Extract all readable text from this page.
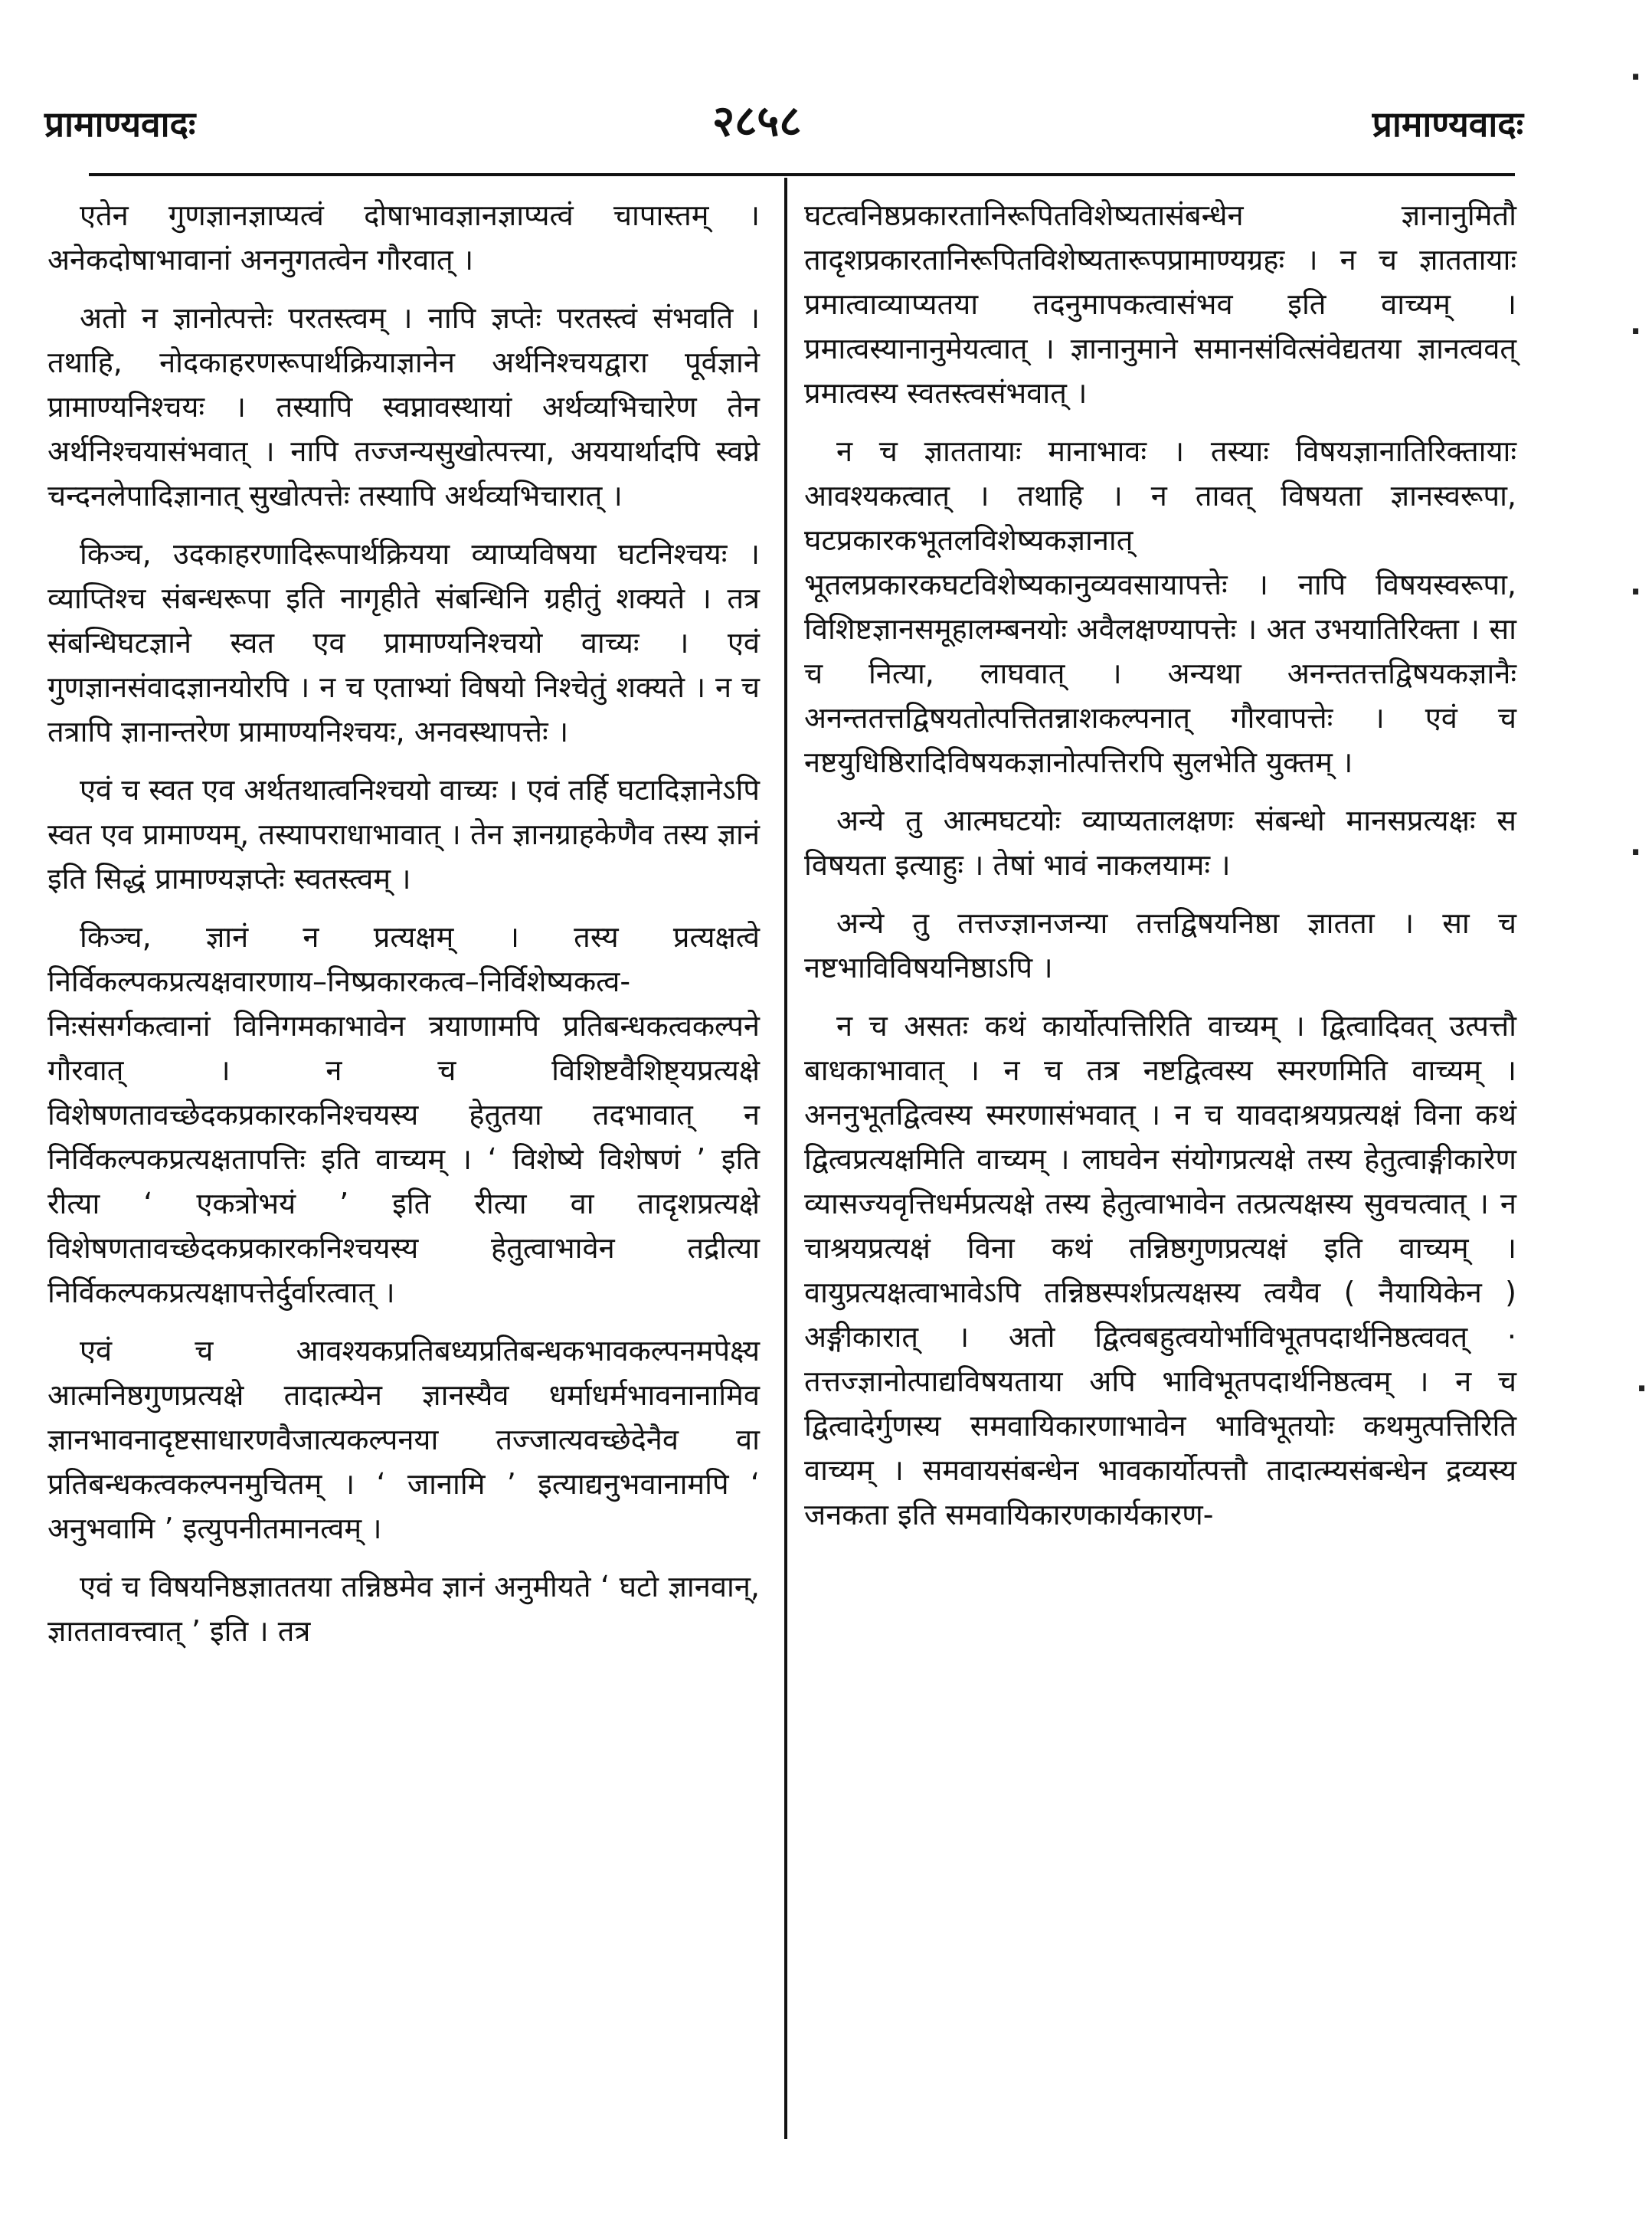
प्रामाण्यवादः	२८५८	प्रामाण्यवादः

एतेन गुणज्ञानज्ञाप्यत्वं दोषाभावज्ञानज्ञाप्यत्वं चापास्तम् । अनेकदोषाभावानां अननुगतत्वेन गौरवात् ।

अतो न ज्ञानोत्पत्तेः परतस्त्वम् । नापि ज्ञप्तेः परतस्त्वं संभवति । तथाहि, नोदकाहरणरूपार्थक्रियाज्ञानेन अर्थनिश्चयद्वारा पूर्वज्ञाने प्रामाण्यनिश्चयः । तस्यापि स्वप्नावस्थायां अर्थव्यभिचारेण तेन अर्थनिश्चयासंभवात् । नापि तज्जन्यसुखोत्पत्त्या, अययार्थादपि स्वप्ने चन्दनलेपादिज्ञानात् सुखोत्पत्तेः तस्यापि अर्थव्यभिचारात् ।

किञ्च, उदकाहरणादिरूपार्थक्रियया व्याप्यविषया घटनिश्चयः । व्याप्तिश्च संबन्धरूपा इति नागृहीते संबन्धिनि ग्रहीतुं शक्यते । तत्र संबन्धिघटज्ञाने स्वत एव प्रामाण्यनिश्चयो वाच्यः । एवं गुणज्ञानसंवादज्ञानयोरपि । न च एताभ्यां विषयो निश्चेतुं शक्यते । न च तत्रापि ज्ञानान्तरेण प्रामाण्यनिश्चयः, अनवस्थापत्तेः ।

एवं च स्वत एव अर्थतथात्वनिश्चयो वाच्यः । एवं तर्हि घटादिज्ञानेऽपि स्वत एव प्रामाण्यम्, तस्यापराधाभावात् । तेन ज्ञानग्राहकेणैव तस्य ज्ञानं इति सिद्धं प्रामाण्यज्ञप्तेः स्वतस्त्वम् ।

किञ्च, ज्ञानं न प्रत्यक्षम् । तस्य प्रत्यक्षत्वे निर्विकल्पकप्रत्यक्षवारणाय–निष्प्रकारकत्व–निर्विशेष्यकत्व-निःसंसर्गकत्वानां विनिगमकाभावेन त्रयाणामपि प्रतिबन्धकत्वकल्पने गौरवात् । न च विशिष्टवैशिष्ट्यप्रत्यक्षे विशेषणतावच्छेदकप्रकारकनिश्चयस्य हेतुतया तदभावात् न निर्विकल्पकप्रत्यक्षतापत्तिः इति वाच्यम् । ‘ विशेष्ये विशेषणं ’ इति रीत्या ‘ एकत्रोभयं ’ इति रीत्या वा तादृशप्रत्यक्षे विशेषणतावच्छेदकप्रकारकनिश्चयस्य हेतुत्वाभावेन तद्रीत्या निर्विकल्पकप्रत्यक्षापत्तेर्दुर्वारत्वात् ।

एवं च आवश्यकप्रतिबध्यप्रतिबन्धकभावकल्पनमपेक्ष्य आत्मनिष्ठगुणप्रत्यक्षे तादात्म्येन ज्ञानस्यैव धर्माधर्मभावनानामिव ज्ञानभावनादृष्टसाधारणवैजात्यकल्पनया तज्जात्यवच्छेदेनैव वा प्रतिबन्धकत्वकल्पनमुचितम् । ‘ जानामि ’ इत्याद्यनुभवानामपि ‘ अनुभवामि ’ इत्युपनीतमानत्वम् ।

एवं च विषयनिष्ठज्ञाततया तन्निष्ठमेव ज्ञानं अनुमीयते ‘ घटो ज्ञानवान्, ज्ञाततावत्त्वात् ’ इति । तत्र

घटत्वनिष्ठप्रकारतानिरूपितविशेष्यतासंबन्धेन ज्ञानानुमितौ तादृशप्रकारतानिरूपितविशेष्यतारूपप्रामाण्यग्रहः । न च ज्ञाततायाः प्रमात्वाव्याप्यतया तदनुमापकत्वासंभव इति वाच्यम् । प्रमात्वस्यानानुमेयत्वात् । ज्ञानानुमाने समानसंवित्संवेद्यतया ज्ञानत्ववत् प्रमात्वस्य स्वतस्त्वसंभवात् ।

न च ज्ञाततायाः मानाभावः । तस्याः विषयज्ञानातिरिक्तायाः आवश्यकत्वात् । तथाहि । न तावत् विषयता ज्ञानस्वरूपा, घटप्रकारकभूतलविशेष्यकज्ञानात् भूतलप्रकारकघटविशेष्यकानुव्यवसायापत्तेः । नापि विषयस्वरूपा, विशिष्टज्ञानसमूहालम्बनयोः अवैलक्षण्यापत्तेः । अत उभयातिरिक्ता । सा च नित्या, लाघवात् । अन्यथा अनन्ततत्तद्विषयकज्ञानैः अनन्ततत्तद्विषयतोत्पत्तितन्नाशकल्पनात् गौरवापत्तेः । एवं च नष्टयुधिष्ठिरादिविषयकज्ञानोत्पत्तिरपि सुलभेति युक्तम् ।

अन्ये तु आत्मघटयोः व्याप्यतालक्षणः संबन्धो मानसप्रत्यक्षः स विषयता इत्याहुः । तेषां भावं नाकलयामः ।

अन्ये तु तत्तज्ज्ञानजन्या तत्तद्विषयनिष्ठा ज्ञातता । सा च नष्टभाविविषयनिष्ठाऽपि ।

न च असतः कथं कार्योत्पत्तिरिति वाच्यम् । द्वित्वादिवत् उत्पत्तौ बाधकाभावात् । न च तत्र नष्टद्वित्वस्य स्मरणमिति वाच्यम् । अननुभूतद्वित्वस्य स्मरणासंभवात् । न च यावदाश्रयप्रत्यक्षं विना कथं द्वित्वप्रत्यक्षमिति वाच्यम् । लाघवेन संयोगप्रत्यक्षे तस्य हेतुत्वाङ्गीकारेण व्यासज्यवृत्तिधर्मप्रत्यक्षे तस्य हेतुत्वाभावेन तत्प्रत्यक्षस्य सुवचत्वात् । न चाश्रयप्रत्यक्षं विना कथं तन्निष्ठगुणप्रत्यक्षं इति वाच्यम् । वायुप्रत्यक्षत्वाभावेऽपि तन्निष्ठस्पर्शप्रत्यक्षस्य त्वयैव ( नैयायिकेन ) अङ्गीकारात् । अतो द्वित्वबहुत्वयोर्भाविभूतपदार्थनिष्ठत्ववत् · तत्तज्ज्ञानोत्पाद्यविषयताया अपि भाविभूतपदार्थनिष्ठत्वम् । न च द्वित्वादेर्गुणस्य समवायिकारणाभावेन भाविभूतयोः कथमुत्पत्तिरिति वाच्यम् । समवायसंबन्धेन भावकार्योत्पत्तौ तादात्म्यसंबन्धेन द्रव्यस्य जनकता इति समवायिकारणकार्यकारण-

·
·
·
·
·
